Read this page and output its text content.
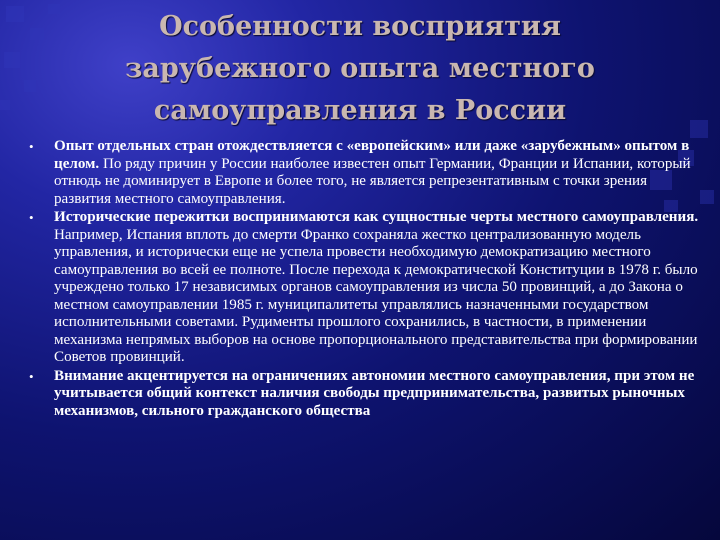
Особенности восприятия
зарубежного опыта местного
самоуправления в России
• Опыт отдельных стран отождествляется с «европейским» или даже «зарубежным» опытом в целом. По ряду причин у России наиболее известен опыт Германии, Франции и Испании, который отнюдь не доминирует в Европе и более того, не является репрезентативным с точки зрения развития местного самоуправления.
• Исторические пережитки воспринимаются как сущностные черты местного самоуправления. Например, Испания вплоть до смерти Франко сохраняла жестко централизованную модель управления, и исторически еще не успела провести необходимую демократизацию местного самоуправления во всей ее полноте. После перехода к демократической Конституции в 1978 г. было учреждено только 17 независимых органов самоуправления из числа 50 провинций, а до Закона о местном самоуправлении 1985 г. муниципалитеты управлялись назначенными государством исполнительными советами. Рудименты прошлого сохранились, в частности, в применении механизма непрямых выборов на основе пропорционального представительства при формировании Советов провинций.
• Внимание акцентируется на ограничениях автономии местного самоуправления, при этом не учитывается общий контекст наличия свободы предпринимательства, развитых рыночных механизмов, сильного гражданского общества
